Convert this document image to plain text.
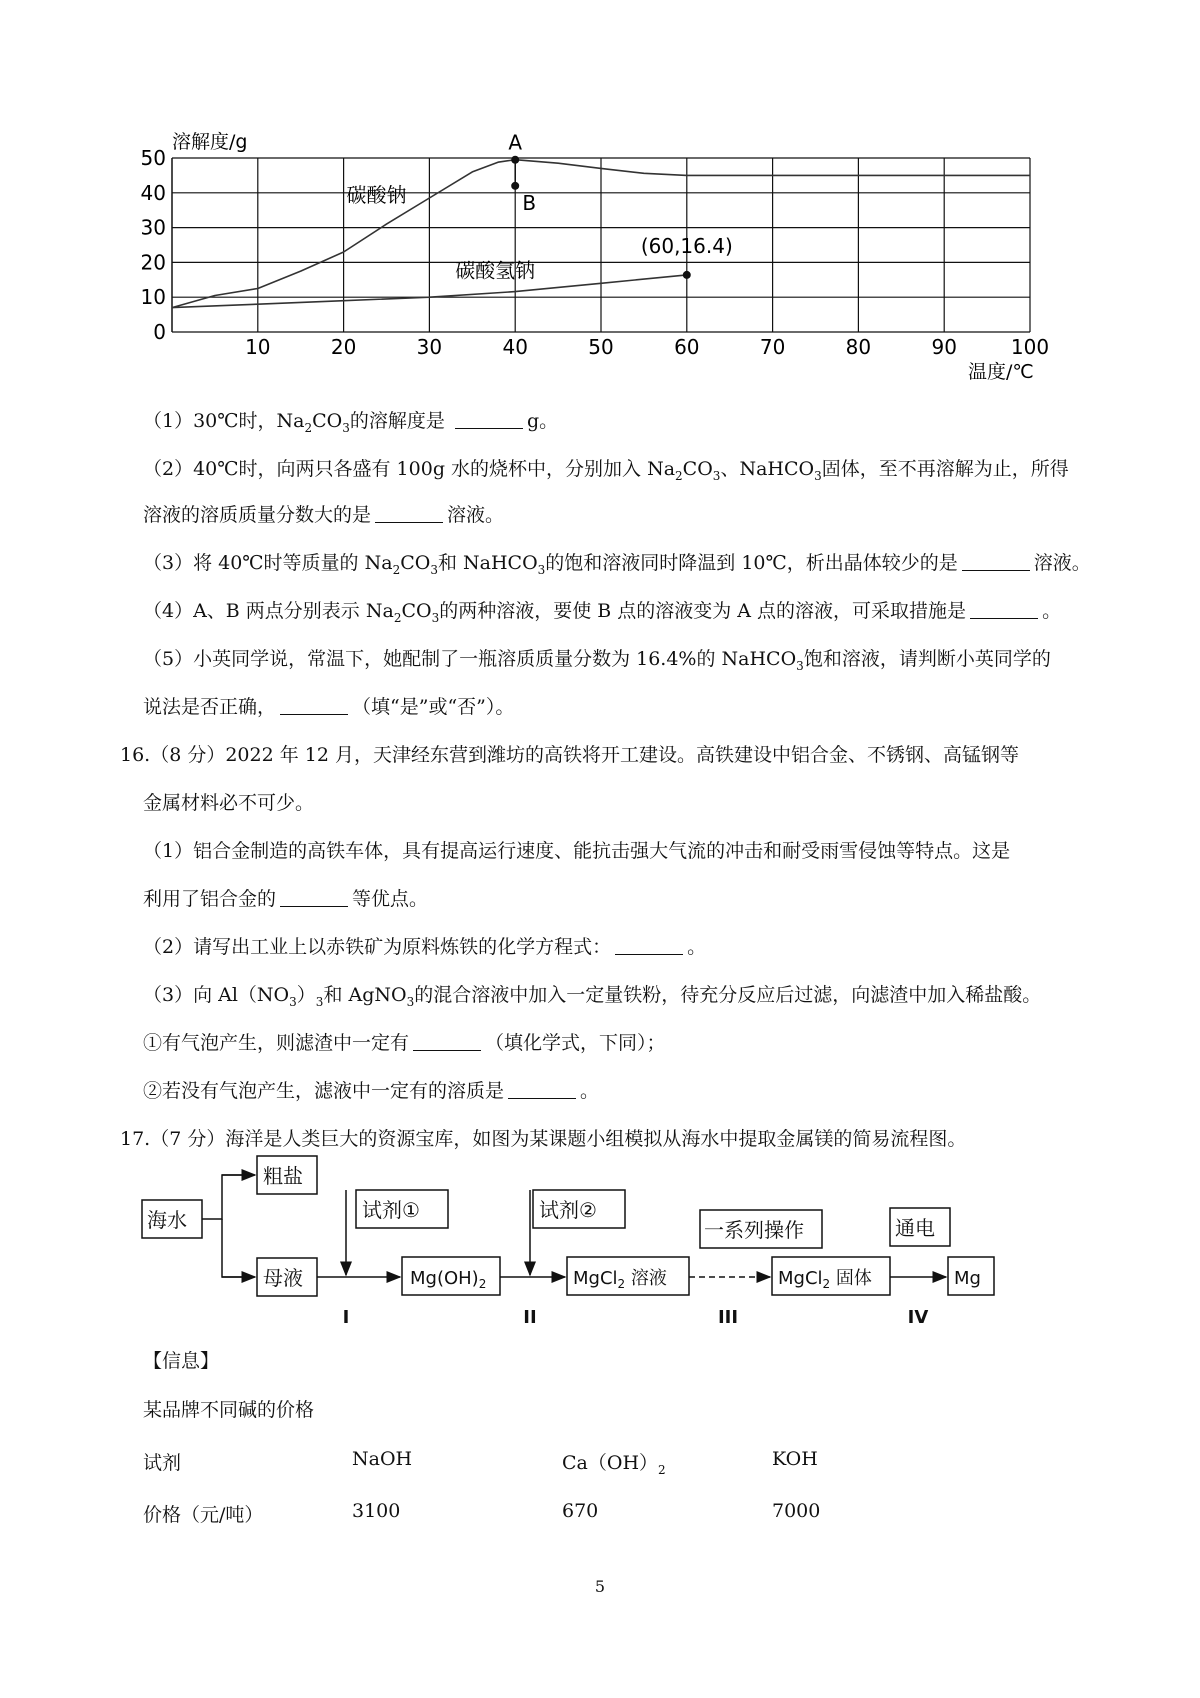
0
10
20
30
40
50
10	20	30	40	50	60	70	80	90	100
溶解度/g
温度/℃
碳酸钠
碳酸氢钠
A
B
(60,16.4)
（1）30℃时，$Na_2CO_3$的溶解度是	g。
（2）40℃时，向两只各盛有 100g 水的烧杯中，分别加入 $Na_2CO_3$、NaHCO$_3$固体，至不再溶解为止，所得
溶液的溶质质量分数大的是	溶液。
（3）将 40℃时等质量的 $Na_2CO_3$和 NaHCO$_3$的饱和溶液同时降温到 10℃，析出晶体较少的是	溶液。
（4）A、B 两点分别表示 $Na_2CO_3$的两种溶液，要使 B 点的溶液变为 A 点的溶液，可采取措施是	。
（5）小英同学说，常温下，她配制了一瓶溶质质量分数为 16.4%的 NaHCO$_3$饱和溶液，请判断小英同学的
说法是否正确，	（填“是”或“否”）。
16.（8 分）2022 年 12 月，天津经东营到潍坊的高铁将开工建设。高铁建设中铝合金、不锈钢、高锰钢等
金属材料必不可少。
（1）铝合金制造的高铁车体，具有提高运行速度、能抗击强大气流的冲击和耐受雨雪侵蚀等特点。这是
利用了铝合金的	等优点。
（2）请写出工业上以赤铁矿为原料炼铁的化学方程式：	。
（3）向 $Al(NO_3)_3$和 AgNO$_3$的混合溶液中加入一定量铁粉，待充分反应后过滤，向滤渣中加入稀盐酸。
①有气泡产生，则滤渣中一定有	（填化学式，下同）；
②若没有气泡产生，滤液中一定有的溶质是	。
17.（7 分）海洋是人类巨大的资源宝库，如图为某课题小组模拟从海水中提取金属镁的简易流程图。
海水
粗盐
母液
试剂①	试剂②
一系列操作	通电
$Mg(OH)_2$	MgCl$_2$ 溶液	MgCl$_2$ 固体	Mg
I	II	III	IV
【信息】
某品牌不同碱的价格
试剂	NaOH	$Ca(OH)_2$	KOH
价格（元/吨）	3100	670	7000
5
